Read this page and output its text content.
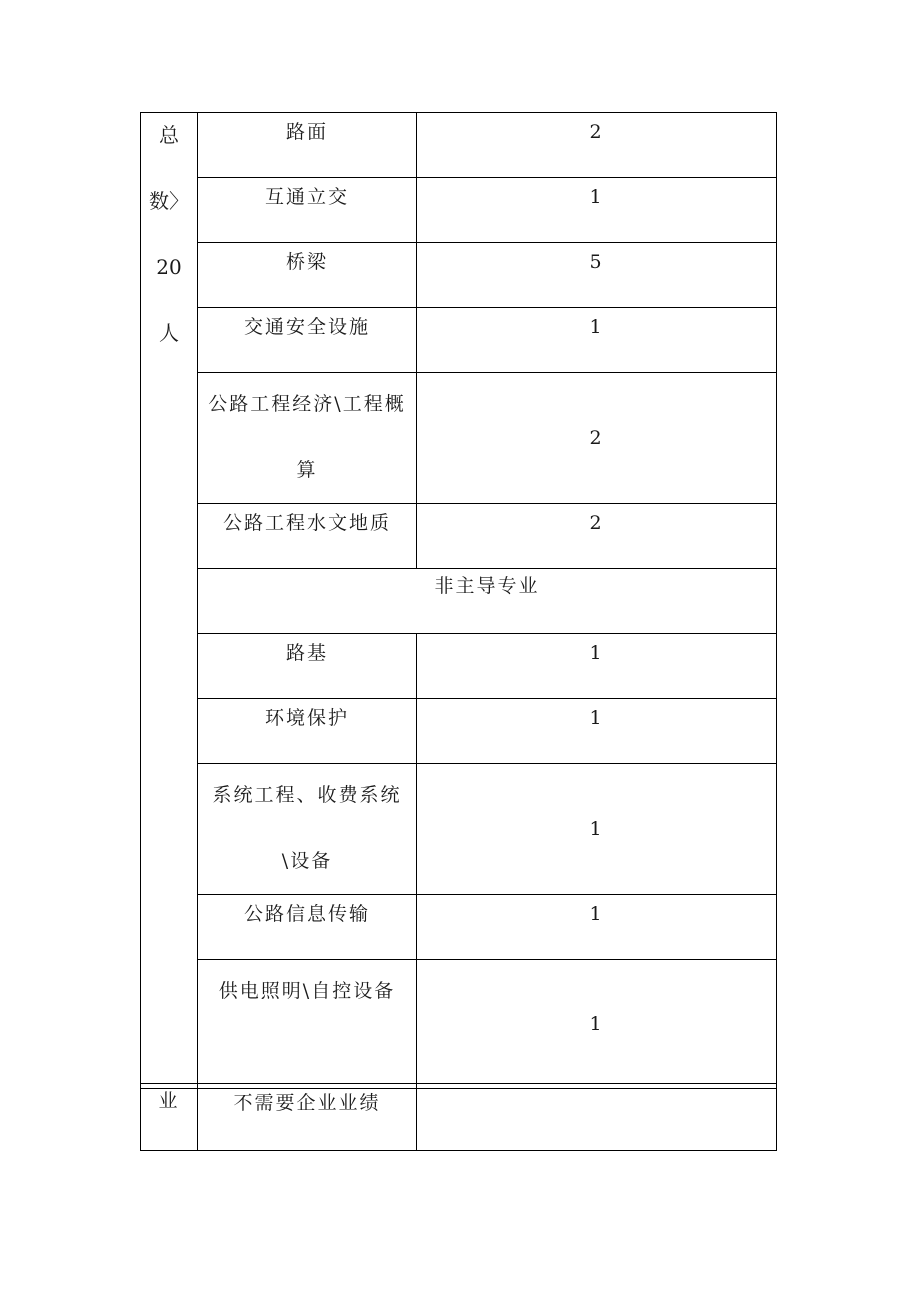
总
数〉
20
人	路面	2

	互通立交	1

	桥梁	5

	交通安全设施	1

	公路工程经济\工程概算	2

	公路工程水文地质	2

	非主导专业	

	路基	1

	环境保护	1

	系统工程、收费系统\设备	1

	公路信息传输	1

	供电照明\自控设备	1
业	不需要企业业绩
